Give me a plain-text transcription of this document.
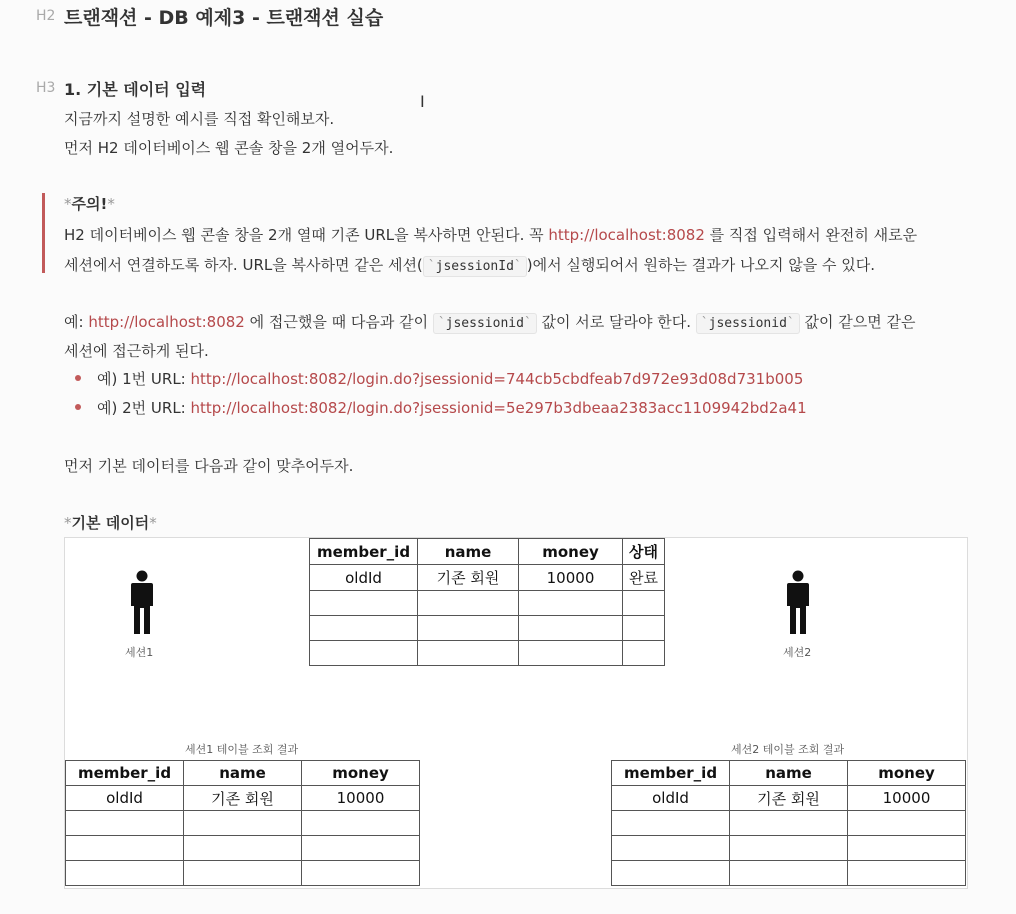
H2 트랜잭션 - DB 예제3 - 트랜잭션 실습
H3 1. 기본 데이터 입력
I
지금까지 설명한 예시를 직접 확인해보자.
먼저 H2 데이터베이스 웹 콘솔 창을 2개 열어두자.
*주의!*
H2 데이터베이스 웹 콘솔 창을 2개 열때 기존 URL을 복사하면 안된다. 꼭 http://localhost:8082 를 직접 입력해서 완전히 새로운
세션에서 연결하도록 하자. URL을 복사하면 같은 세션( `jsessionId` )에서 실행되어서 원하는 결과가 나오지 않을 수 있다.
예: http://localhost:8082 에 접근했을 때 다음과 같이 `jsessionid` 값이 서로 달라야 한다. `jsessionid` 값이 같으면 같은
세션에 접근하게 된다.
예) 1번 URL: http://localhost:8082/login.do?jsessionid=744cb5cbdfeab7d972e93d08d731b005
예) 2번 URL: http://localhost:8082/login.do?jsessionid=5e297b3dbeaa2383acc1109942bd2a41
먼저 기본 데이터를 다음과 같이 맞추어두자.
*기본 데이터*
member_id	name	money	상태
oldId	기존 회원	10000	완료

세션1	세션2
세션1 테이블 조회 결과	세션2 테이블 조회 결과
member_id	name	money
oldId	기존 회원	10000

member_id	name	money
oldId	기존 회원	10000
